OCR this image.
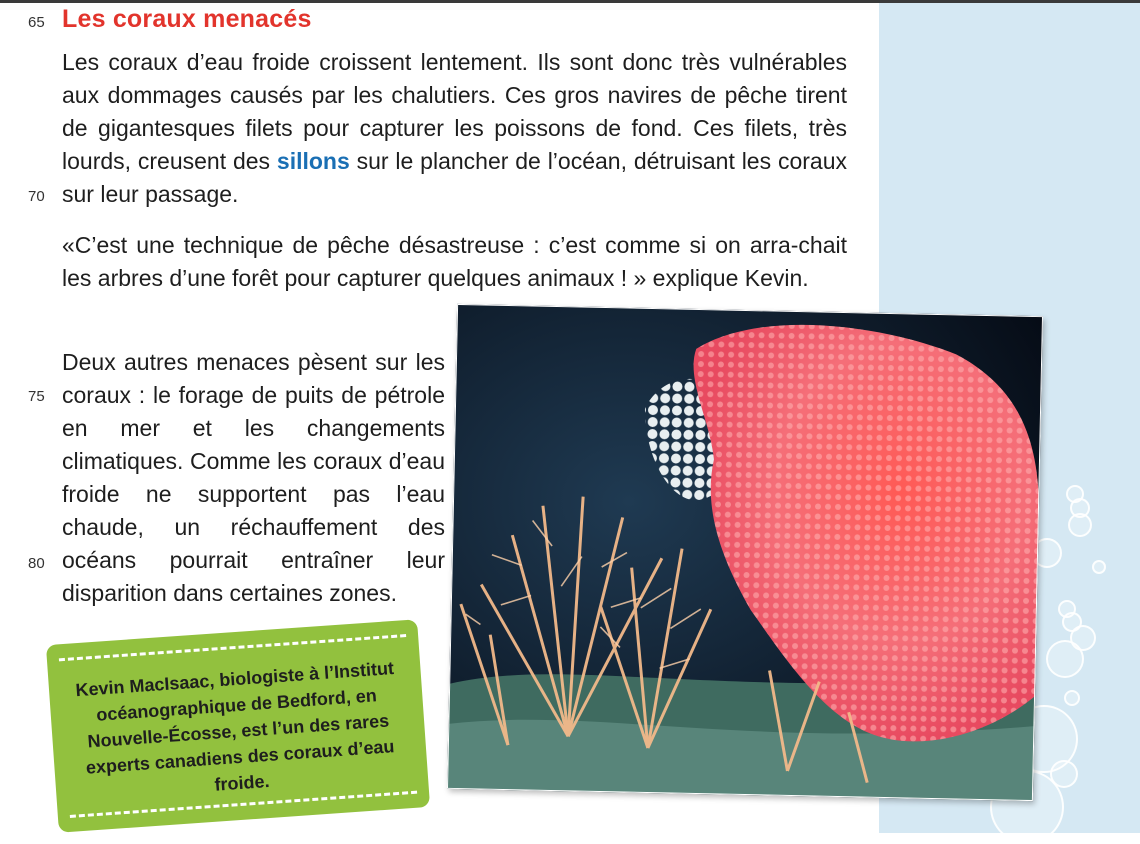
65
70
75
80
Les coraux menacés

Les coraux d’eau froide croissent lentement. Ils sont donc très vulnérables aux dommages causés par les chalutiers. Ces gros navires de pêche tirent de gigantesques filets pour capturer les poissons de fond. Ces filets, très lourds, creusent des sillons sur le plancher de l’océan, détruisant les coraux sur leur passage.

«C’est une technique de pêche désastreuse : c’est comme si on arra-chait les arbres d’une forêt pour capturer quelques animaux ! » explique Kevin.

Deux autres menaces pèsent sur les coraux : le forage de puits de pétrole en mer et les changements climatiques. Comme les coraux d’eau froide ne supportent pas l’eau chaude, un réchauffement des océans pourrait entraîner leur disparition dans certaines zones.

Kevin MacIsaac, biologiste à l’Institut océanographique de Bedford, en Nouvelle-Écosse, est l’un des rares experts canadiens des coraux d’eau froide.
